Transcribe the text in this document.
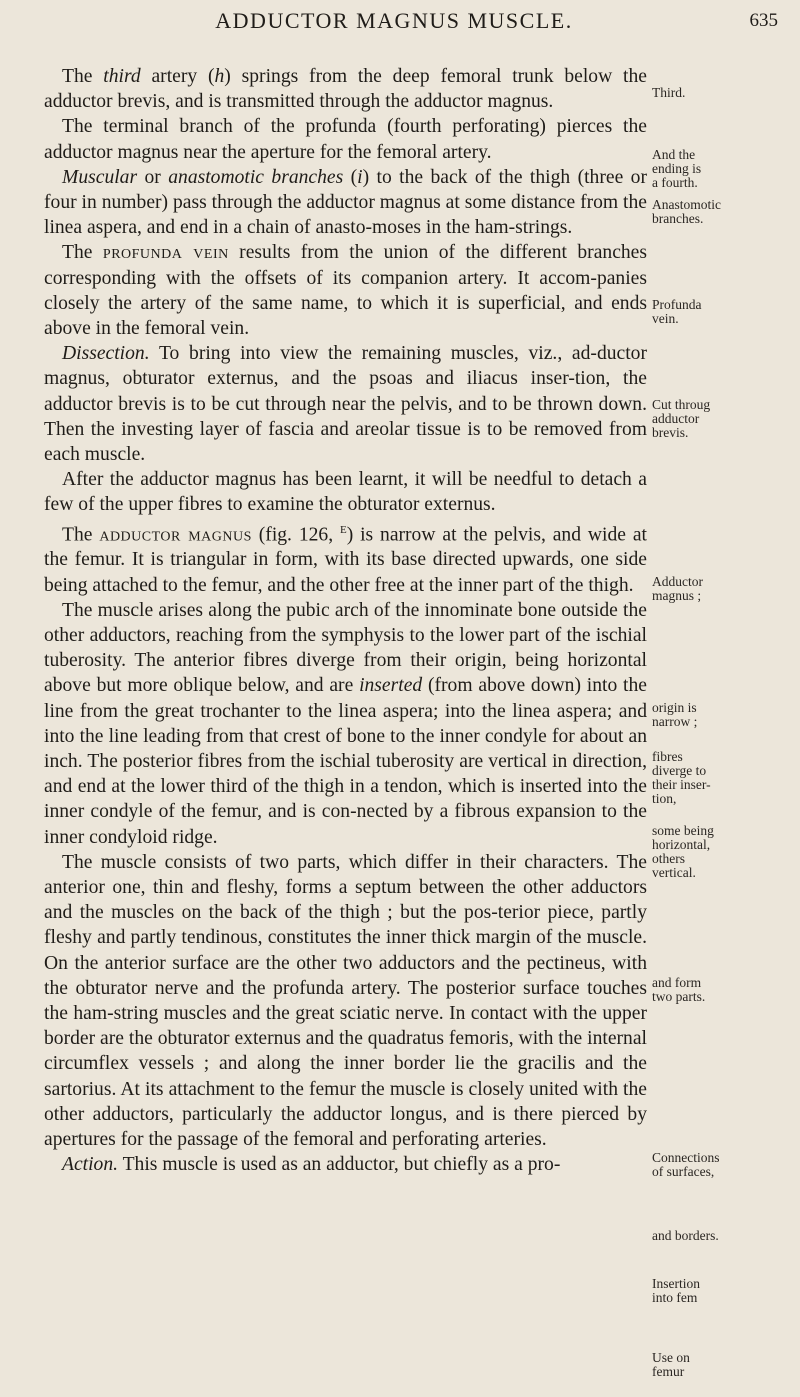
ADDUCTOR MAGNUS MUSCLE.	635

The third artery (h) springs from the deep femoral trunk below the adductor brevis, and is transmitted through the adductor magnus.

The terminal branch of the profunda (fourth perforating) pierces the adductor magnus near the aperture for the femoral artery.

Muscular or anastomotic branches (i) to the back of the thigh (three or four in number) pass through the adductor magnus at some distance from the linea aspera, and end in a chain of anasto-moses in the ham-strings.

The profunda vein results from the union of the different branches corresponding with the offsets of its companion artery. It accom-panies closely the artery of the same name, to which it is superficial, and ends above in the femoral vein.

Dissection. To bring into view the remaining muscles, viz., ad-ductor magnus, obturator externus, and the psoas and iliacus inser-tion, the adductor brevis is to be cut through near the pelvis, and to be thrown down. Then the investing layer of fascia and areolar tissue is to be removed from each muscle.

After the adductor magnus has been learnt, it will be needful to detach a few of the upper fibres to examine the obturator externus.

The adductor magnus (fig. 126, $^E$) is narrow at the pelvis, and wide at the femur. It is triangular in form, with its base directed upwards, one side being attached to the femur, and the other free at the inner part of the thigh.

The muscle arises along the pubic arch of the innominate bone outside the other adductors, reaching from the symphysis to the lower part of the ischial tuberosity. The anterior fibres diverge from their origin, being horizontal above but more oblique below, and are inserted (from above down) into the line from the great trochanter to the linea aspera; into the linea aspera; and into the line leading from that crest of bone to the inner condyle for about an inch. The posterior fibres from the ischial tuberosity are vertical in direction, and end at the lower third of the thigh in a tendon, which is inserted into the inner condyle of the femur, and is con-nected by a fibrous expansion to the inner condyloid ridge.

The muscle consists of two parts, which differ in their characters. The anterior one, thin and fleshy, forms a septum between the other adductors and the muscles on the back of the thigh ; but the pos-terior piece, partly fleshy and partly tendinous, constitutes the inner thick margin of the muscle. On the anterior surface are the other two adductors and the pectineus, with the obturator nerve and the profunda artery. The posterior surface touches the ham-string muscles and the great sciatic nerve. In contact with the upper border are the obturator externus and the quadratus femoris, with the internal circumflex vessels ; and along the inner border lie the gracilis and the sartorius. At its attachment to the femur the muscle is closely united with the other adductors, particularly the adductor longus, and is there pierced by apertures for the passage of the femoral and perforating arteries.

Action. This muscle is used as an adductor, but chiefly as a pro-

Third.
And the
ending is
a fourth.
Anastomotic
branches.
Profunda
vein.
Cut throug
adductor
brevis.
Adductor
magnus ;
origin is
narrow ;
fibres
diverge to
their inser-
tion,
some being
horizontal,
others
vertical.
and form
two parts.
Connections
of surfaces,
and borders.
Insertion
into fem
Use on
femur
